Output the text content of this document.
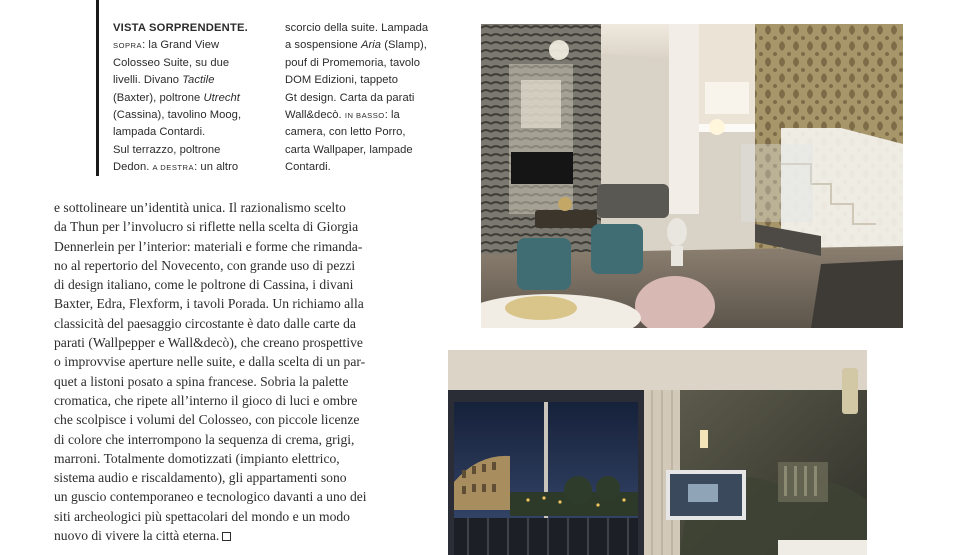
VISTA SORPRENDENTE.
SOPRA: la Grand View
Colosseo Suite, su due
livelli. Divano Tactile
(Baxter), poltrone Utrecht
(Cassina), tavolino Moog,
lampada Contardi.
Sul terrazzo, poltrone
Dedon. A DESTRA: un altro
scorcio della suite. Lampada
a sospensione Aria (Slamp),
pouf di Promemoria, tavolo
DOM Edizioni, tappeto
Gt design. Carta da parati
Wall&decò. IN BASSO: la
camera, con letto Porro,
carta Wallpaper, lampade
Contardi.
e sottolineare un’identità unica. Il razionalismo scelto
da Thun per l’involucro si riflette nella scelta di Giorgia
Dennerlein per l’interior: materiali e forme che rimanda-
no al repertorio del Novecento, con grande uso di pezzi
di design italiano, come le poltrone di Cassina, i divani
Baxter, Edra, Flexform, i tavoli Porada. Un richiamo alla
classicità del paesaggio circostante è dato dalle carte da
parati (Wallpepper e Wall&decò), che creano prospettive
o improvvise aperture nelle suite, e dalla scelta di un par-
quet a listoni posato a spina francese. Sobria la palette
cromatica, che ripete all’interno il gioco di luci e ombre
che scolpisce i volumi del Colosseo, con piccole licenze
di colore che interrompono la sequenza di crema, grigi,
marroni. Totalmente domotizzati (impianto elettrico,
sistema audio e riscaldamento), gli appartamenti sono
un guscio contemporaneo e tecnologico davanti a uno dei
siti archeologici più spettacolari del mondo e un modo
nuovo di vivere la città eterna.
